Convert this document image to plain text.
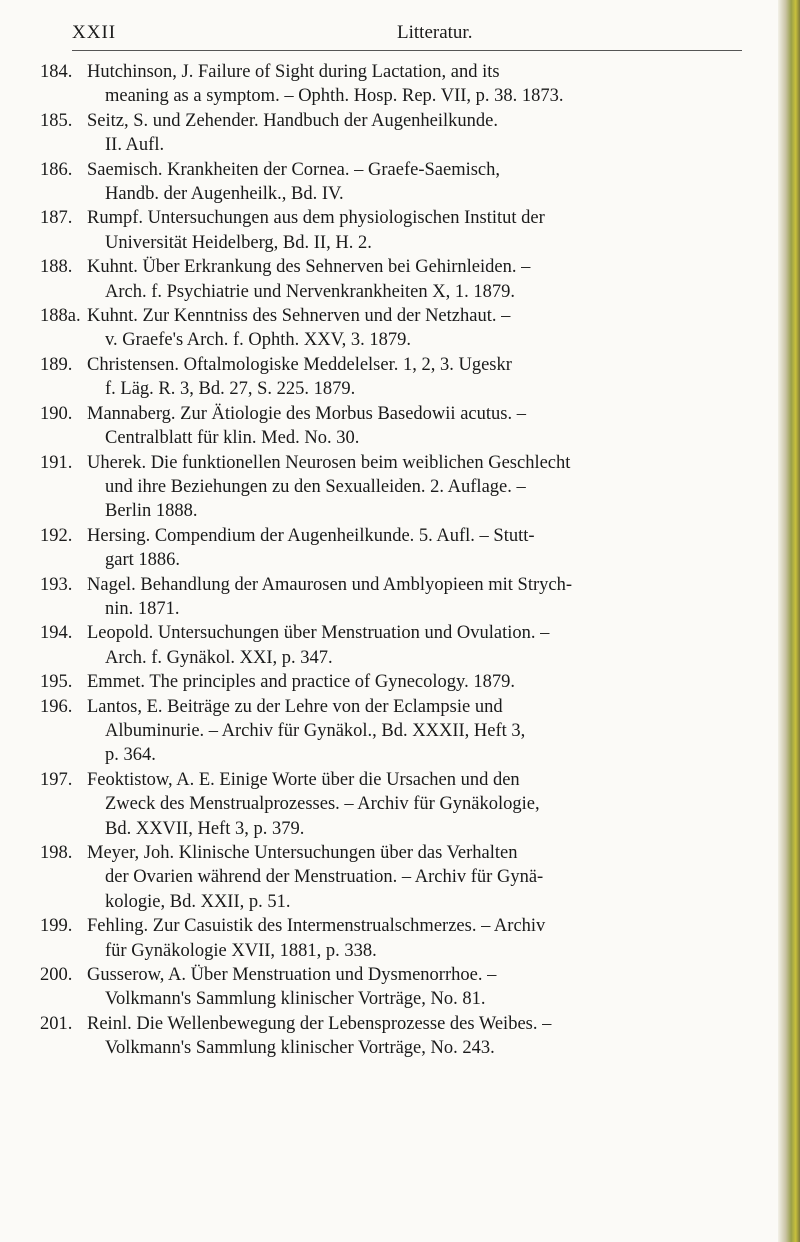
XXII	Litteratur.
184. Hutchinson, J. Failure of Sight during Lactation, and its
meaning as a symptom. – Ophth. Hosp. Rep. VII, p. 38. 1873.
185. Seitz, S. und Zehender. Handbuch der Augenheilkunde.
II. Aufl.
186. Saemisch. Krankheiten der Cornea. – Graefe-Saemisch,
Handb. der Augenheilk., Bd. IV.
187. Rumpf. Untersuchungen aus dem physiologischen Institut der
Universität Heidelberg, Bd. II, H. 2.
188. Kuhnt. Über Erkrankung des Sehnerven bei Gehirnleiden. –
Arch. f. Psychiatrie und Nervenkrankheiten X, 1. 1879.
188a. Kuhnt. Zur Kenntniss des Sehnerven und der Netzhaut. –
v. Graefe's Arch. f. Ophth. XXV, 3. 1879.
189. Christensen. Oftalmologiske Meddelelser. 1, 2, 3. Ugeskr
f. Läg. R. 3, Bd. 27, S. 225. 1879.
190. Mannaberg. Zur Ätiologie des Morbus Basedowii acutus. –
Centralblatt für klin. Med. No. 30.
191. Uherek. Die funktionellen Neurosen beim weiblichen Geschlecht
und ihre Beziehungen zu den Sexualleiden. 2. Auflage. –
Berlin 1888.
192. Hersing. Compendium der Augenheilkunde. 5. Aufl. – Stutt-
gart 1886.
193. Nagel. Behandlung der Amaurosen und Amblyopieen mit Strych-
nin. 1871.
194. Leopold. Untersuchungen über Menstruation und Ovulation. –
Arch. f. Gynäkol. XXI, p. 347.
195. Emmet. The principles and practice of Gynecology. 1879.
196. Lantos, E. Beiträge zu der Lehre von der Eclampsie und
Albuminurie. – Archiv für Gynäkol., Bd. XXXII, Heft 3,
p. 364.
197. Feoktistow, A. E. Einige Worte über die Ursachen und den
Zweck des Menstrualprozesses. – Archiv für Gynäkologie,
Bd. XXVII, Heft 3, p. 379.
198. Meyer, Joh. Klinische Untersuchungen über das Verhalten
der Ovarien während der Menstruation. – Archiv für Gynä-
kologie, Bd. XXII, p. 51.
199. Fehling. Zur Casuistik des Intermenstrualschmerzes. – Archiv
für Gynäkologie XVII, 1881, p. 338.
200. Gusserow, A. Über Menstruation und Dysmenorrhoe. –
Volkmann's Sammlung klinischer Vorträge, No. 81.
201. Reinl. Die Wellenbewegung der Lebensprozesse des Weibes. –
Volkmann's Sammlung klinischer Vorträge, No. 243.
